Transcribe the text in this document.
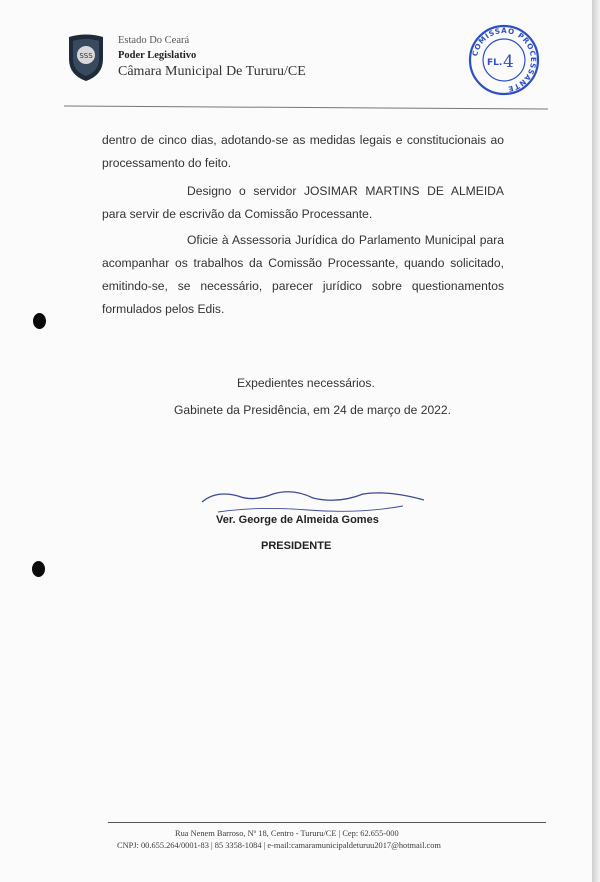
SSS
Estado Do Ceará
Poder Legislativo
Câmara Municipal De Tururu/CE
COMISSÃO PROCESSANTE
FL. 4
dentro de cinco dias, adotando-se as medidas legais e constitucionais ao processamento do feito.
Designo o servidor JOSIMAR MARTINS DE ALMEIDA para servir de escrivão da Comissão Processante.
Oficie à Assessoria Jurídica do Parlamento Municipal para acompanhar os trabalhos da Comissão Processante, quando solicitado, emitindo-se, se necessário, parecer jurídico sobre questionamentos formulados pelos Edis.
Expedientes necessários.
Gabinete da Presidência, em 24 de março de 2022.
Ver. George de Almeida Gomes
PRESIDENTE
Rua Nenem Barroso, Nº 18, Centro - Tururu/CE | Cep: 62.655-000
CNPJ: 00.655.264/0001-83 | 85 3358-1084 | e-mail:camaramunicipaldeturuu2017@hotmail.com
